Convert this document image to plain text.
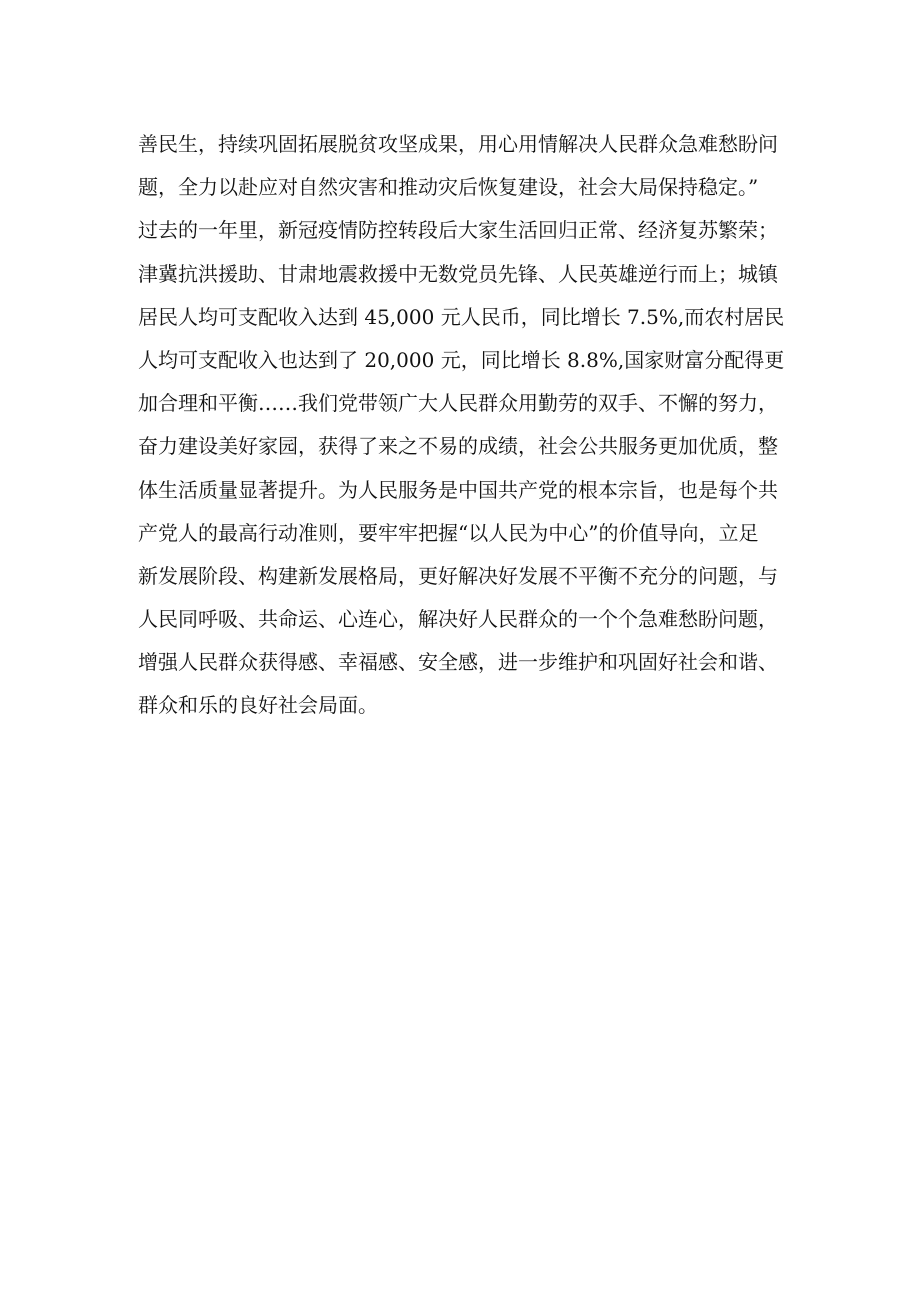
善民生，持续巩固拓展脱贫攻坚成果，用心用情解决人民群众急难愁盼问
题，全力以赴应对自然灾害和推动灾后恢复建设，社会大局保持稳定。”
过去的一年里，新冠疫情防控转段后大家生活回归正常、经济复苏繁荣；
津冀抗洪援助、甘肃地震救援中无数党员先锋、人民英雄逆行而上；城镇
居民人均可支配收入达到 45,000 元人民币，同比增长 7.5%,而农村居民
人均可支配收入也达到了 20,000 元，同比增长 8.8%,国家财富分配得更
加合理和平衡……我们党带领广大人民群众用勤劳的双手、不懈的努力，
奋力建设美好家园，获得了来之不易的成绩，社会公共服务更加优质，整
体生活质量显著提升。为人民服务是中国共产党的根本宗旨，也是每个共
产党人的最高行动准则，要牢牢把握“以人民为中心”的价值导向，立足
新发展阶段、构建新发展格局，更好解决好发展不平衡不充分的问题，与
人民同呼吸、共命运、心连心，解决好人民群众的一个个急难愁盼问题，
增强人民群众获得感、幸福感、安全感，进一步维护和巩固好社会和谐、
群众和乐的良好社会局面。
